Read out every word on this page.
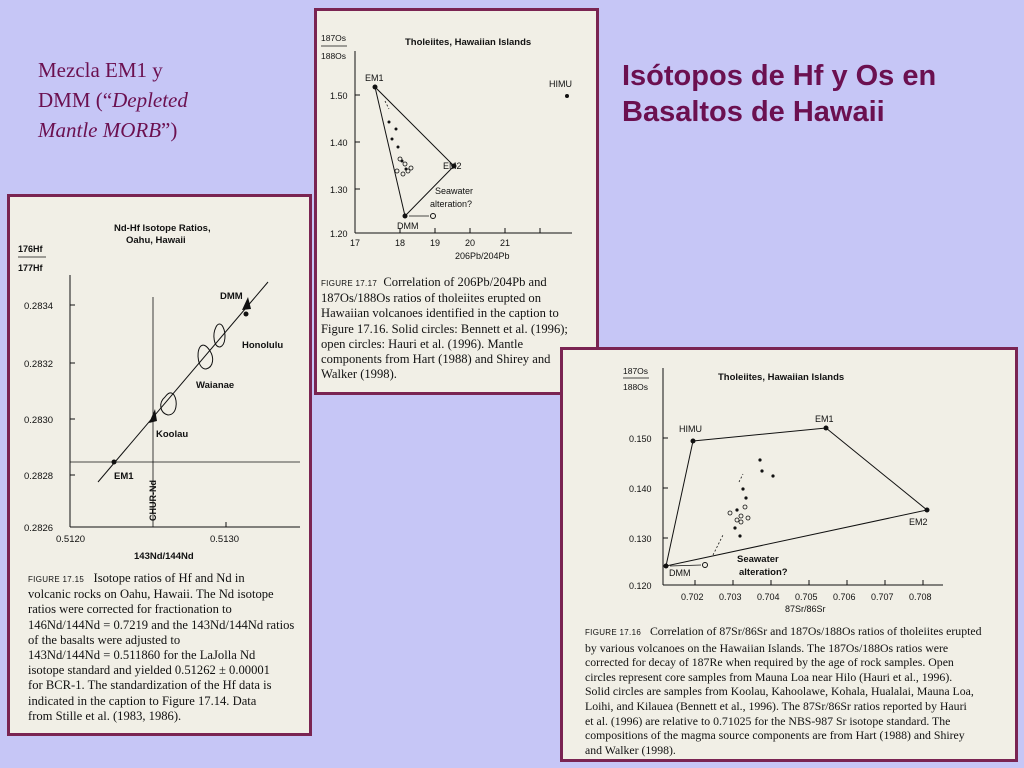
Isótopos de Hf y Os en
Basaltos de Hawaii
Mezcla EM1 y
DMM (“Depleted
Mantle MORB”)
1.50
1.40
1.30
1.20
17	18	19	20	21
206Pb/204Pb
187Os
188Os
Tholeiites, Hawaiian Islands
EM1
HIMU
EM2
DMM
Seawater
alteration?
FIGURE 17.17 Correlation of 206Pb/204Pb and
187Os/188Os ratios of tholeiites erupted on
Hawaiian volcanoes identified in the caption to
Figure 17.16. Solid circles: Bennett et al. (1996);
open circles: Hauri et al. (1996). Mantle
components from Hart (1988) and Shirey and
Walker (1998).
0.2834
0.2832
0.2830
0.2828
0.2826
0.5120	0.5130
143Nd/144Nd
176Hf
177Hf
Nd-Hf Isotope Ratios,
Oahu, Hawaii
CHUR-Nd
DMM
Honolulu
Waianae
Koolau
EM1
FIGURE 17.15 Isotope ratios of Hf and Nd in
volcanic rocks on Oahu, Hawaii. The Nd isotope
ratios were corrected for fractionation to
146Nd/144Nd = 0.7219 and the 143Nd/144Nd ratios
of the basalts were adjusted to
143Nd/144Nd = 0.511860 for the LaJolla Nd
isotope standard and yielded 0.51262 ± 0.00001
for BCR-1. The standardization of the Hf data is
indicated in the caption to Figure 17.14. Data
from Stille et al. (1983, 1986).
0.150
0.140
0.130
0.120
0.702 0.703 0.704 0.705 0.706 0.707 0.708
87Sr/86Sr
187Os
188Os
Tholeiites, Hawaiian Islands
HIMU
EM1
EM2
DMM
Seawater
alteration?
FIGURE 17.16 Correlation of 87Sr/86Sr and 187Os/188Os ratios of tholeiites erupted
by various volcanoes on the Hawaiian Islands. The 187Os/188Os ratios were
corrected for decay of 187Re when required by the age of rock samples. Open
circles represent core samples from Mauna Loa near Hilo (Hauri et al., 1996).
Solid circles are samples from Koolau, Kahoolawe, Kohala, Hualalai, Mauna Loa,
Loihi, and Kilauea (Bennett et al., 1996). The 87Sr/86Sr ratios reported by Hauri
et al. (1996) are relative to 0.71025 for the NBS-987 Sr isotope standard. The
compositions of the magma source components are from Hart (1988) and Shirey
and Walker (1998).
